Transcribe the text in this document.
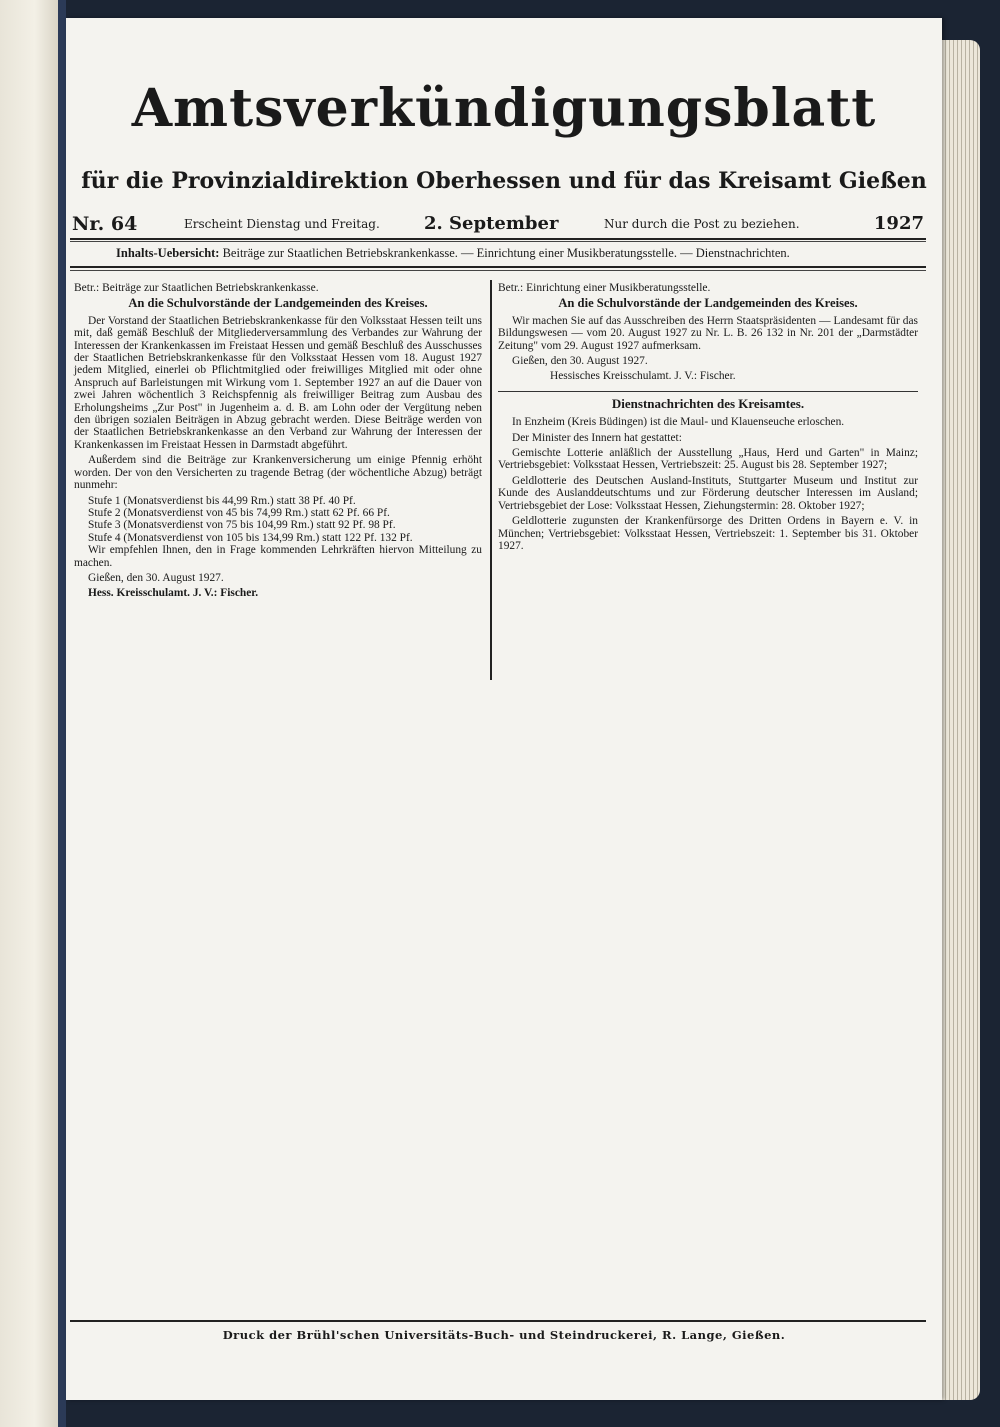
Amtsverkündigungsblatt
für die Provinzialdirektion Oberhessen und für das Kreisamt Gießen
Nr. 64	Erscheint Dienstag und Freitag. 2. September	Nur durch die Post zu beziehen.	1927
Inhalts-Uebersicht: Beiträge zur Staatlichen Betriebskrankenkasse. — Einrichtung einer Musikberatungsstelle. — Dienstnachrichten.

Betr.: Beiträge zur Staatlichen Betriebskrankenkasse.

An die Schulvorstände der Landgemeinden des Kreises.

Der Vorstand der Staatlichen Betriebskrankenkasse für den Volksstaat Hessen teilt uns mit, daß gemäß Beschluß der Mitgliederversammlung des Verbandes zur Wahrung der Interessen der Krankenkassen im Freistaat Hessen und gemäß Beschluß des Ausschusses der Staatlichen Betriebskrankenkasse für den Volksstaat Hessen vom 18. August 1927 jedem Mitglied, einerlei ob Pflichtmitglied oder freiwilliges Mitglied mit oder ohne Anspruch auf Barleistungen mit Wirkung vom 1. September 1927 an auf die Dauer von zwei Jahren wöchentlich 3 Reichspfennig als freiwilliger Beitrag zum Ausbau des Erholungsheims „Zur Post" in Jugenheim a. d. B. am Lohn oder der Vergütung neben den übrigen sozialen Beiträgen in Abzug gebracht werden. Diese Beiträge werden von der Staatlichen Betriebskrankenkasse an den Verband zur Wahrung der Interessen der Krankenkassen im Freistaat Hessen in Darmstadt abgeführt.

Außerdem sind die Beiträge zur Krankenversicherung um einige Pfennig erhöht worden. Der von den Versicherten zu tragende Betrag (der wöchentliche Abzug) beträgt nunmehr:

Stufe 1 (Monatsverdienst bis 44,99 Rm.) statt 38 Pf. 40 Pf.

Stufe 2 (Monatsverdienst von 45 bis 74,99 Rm.) statt 62 Pf. 66 Pf.

Stufe 3 (Monatsverdienst von 75 bis 104,99 Rm.) statt 92 Pf. 98 Pf.

Stufe 4 (Monatsverdienst von 105 bis 134,99 Rm.) statt 122 Pf. 132 Pf.

Wir empfehlen Ihnen, den in Frage kommenden Lehrkräften hiervon Mitteilung zu machen.

Gießen, den 30. August 1927.

Hess. Kreisschulamt. J. V.: Fischer.

Betr.: Einrichtung einer Musikberatungsstelle.

An die Schulvorstände der Landgemeinden des Kreises.

Wir machen Sie auf das Ausschreiben des Herrn Staatspräsidenten — Landesamt für das Bildungswesen — vom 20. August 1927 zu Nr. L. B. 26 132 in Nr. 201 der „Darmstädter Zeitung" vom 29. August 1927 aufmerksam.

Gießen, den 30. August 1927.

Hessisches Kreisschulamt. J. V.: Fischer.

Dienstnachrichten des Kreisamtes.

In Enzheim (Kreis Büdingen) ist die Maul- und Klauenseuche erloschen.

Der Minister des Innern hat gestattet:

Gemischte Lotterie anläßlich der Ausstellung „Haus, Herd und Garten" in Mainz; Vertriebsgebiet: Volksstaat Hessen, Vertriebszeit: 25. August bis 28. September 1927;

Geldlotterie des Deutschen Ausland-Instituts, Stuttgarter Museum und Institut zur Kunde des Auslanddeutschtums und zur Förderung deutscher Interessen im Ausland; Vertriebsgebiet der Lose: Volksstaat Hessen, Ziehungstermin: 28. Oktober 1927;

Geldlotterie zugunsten der Krankenfürsorge des Dritten Ordens in Bayern e. V. in München; Vertriebsgebiet: Volksstaat Hessen, Vertriebszeit: 1. September bis 31. Oktober 1927.

Druck der Brühl'schen Universitäts-Buch- und Steindruckerei, R. Lange, Gießen.
